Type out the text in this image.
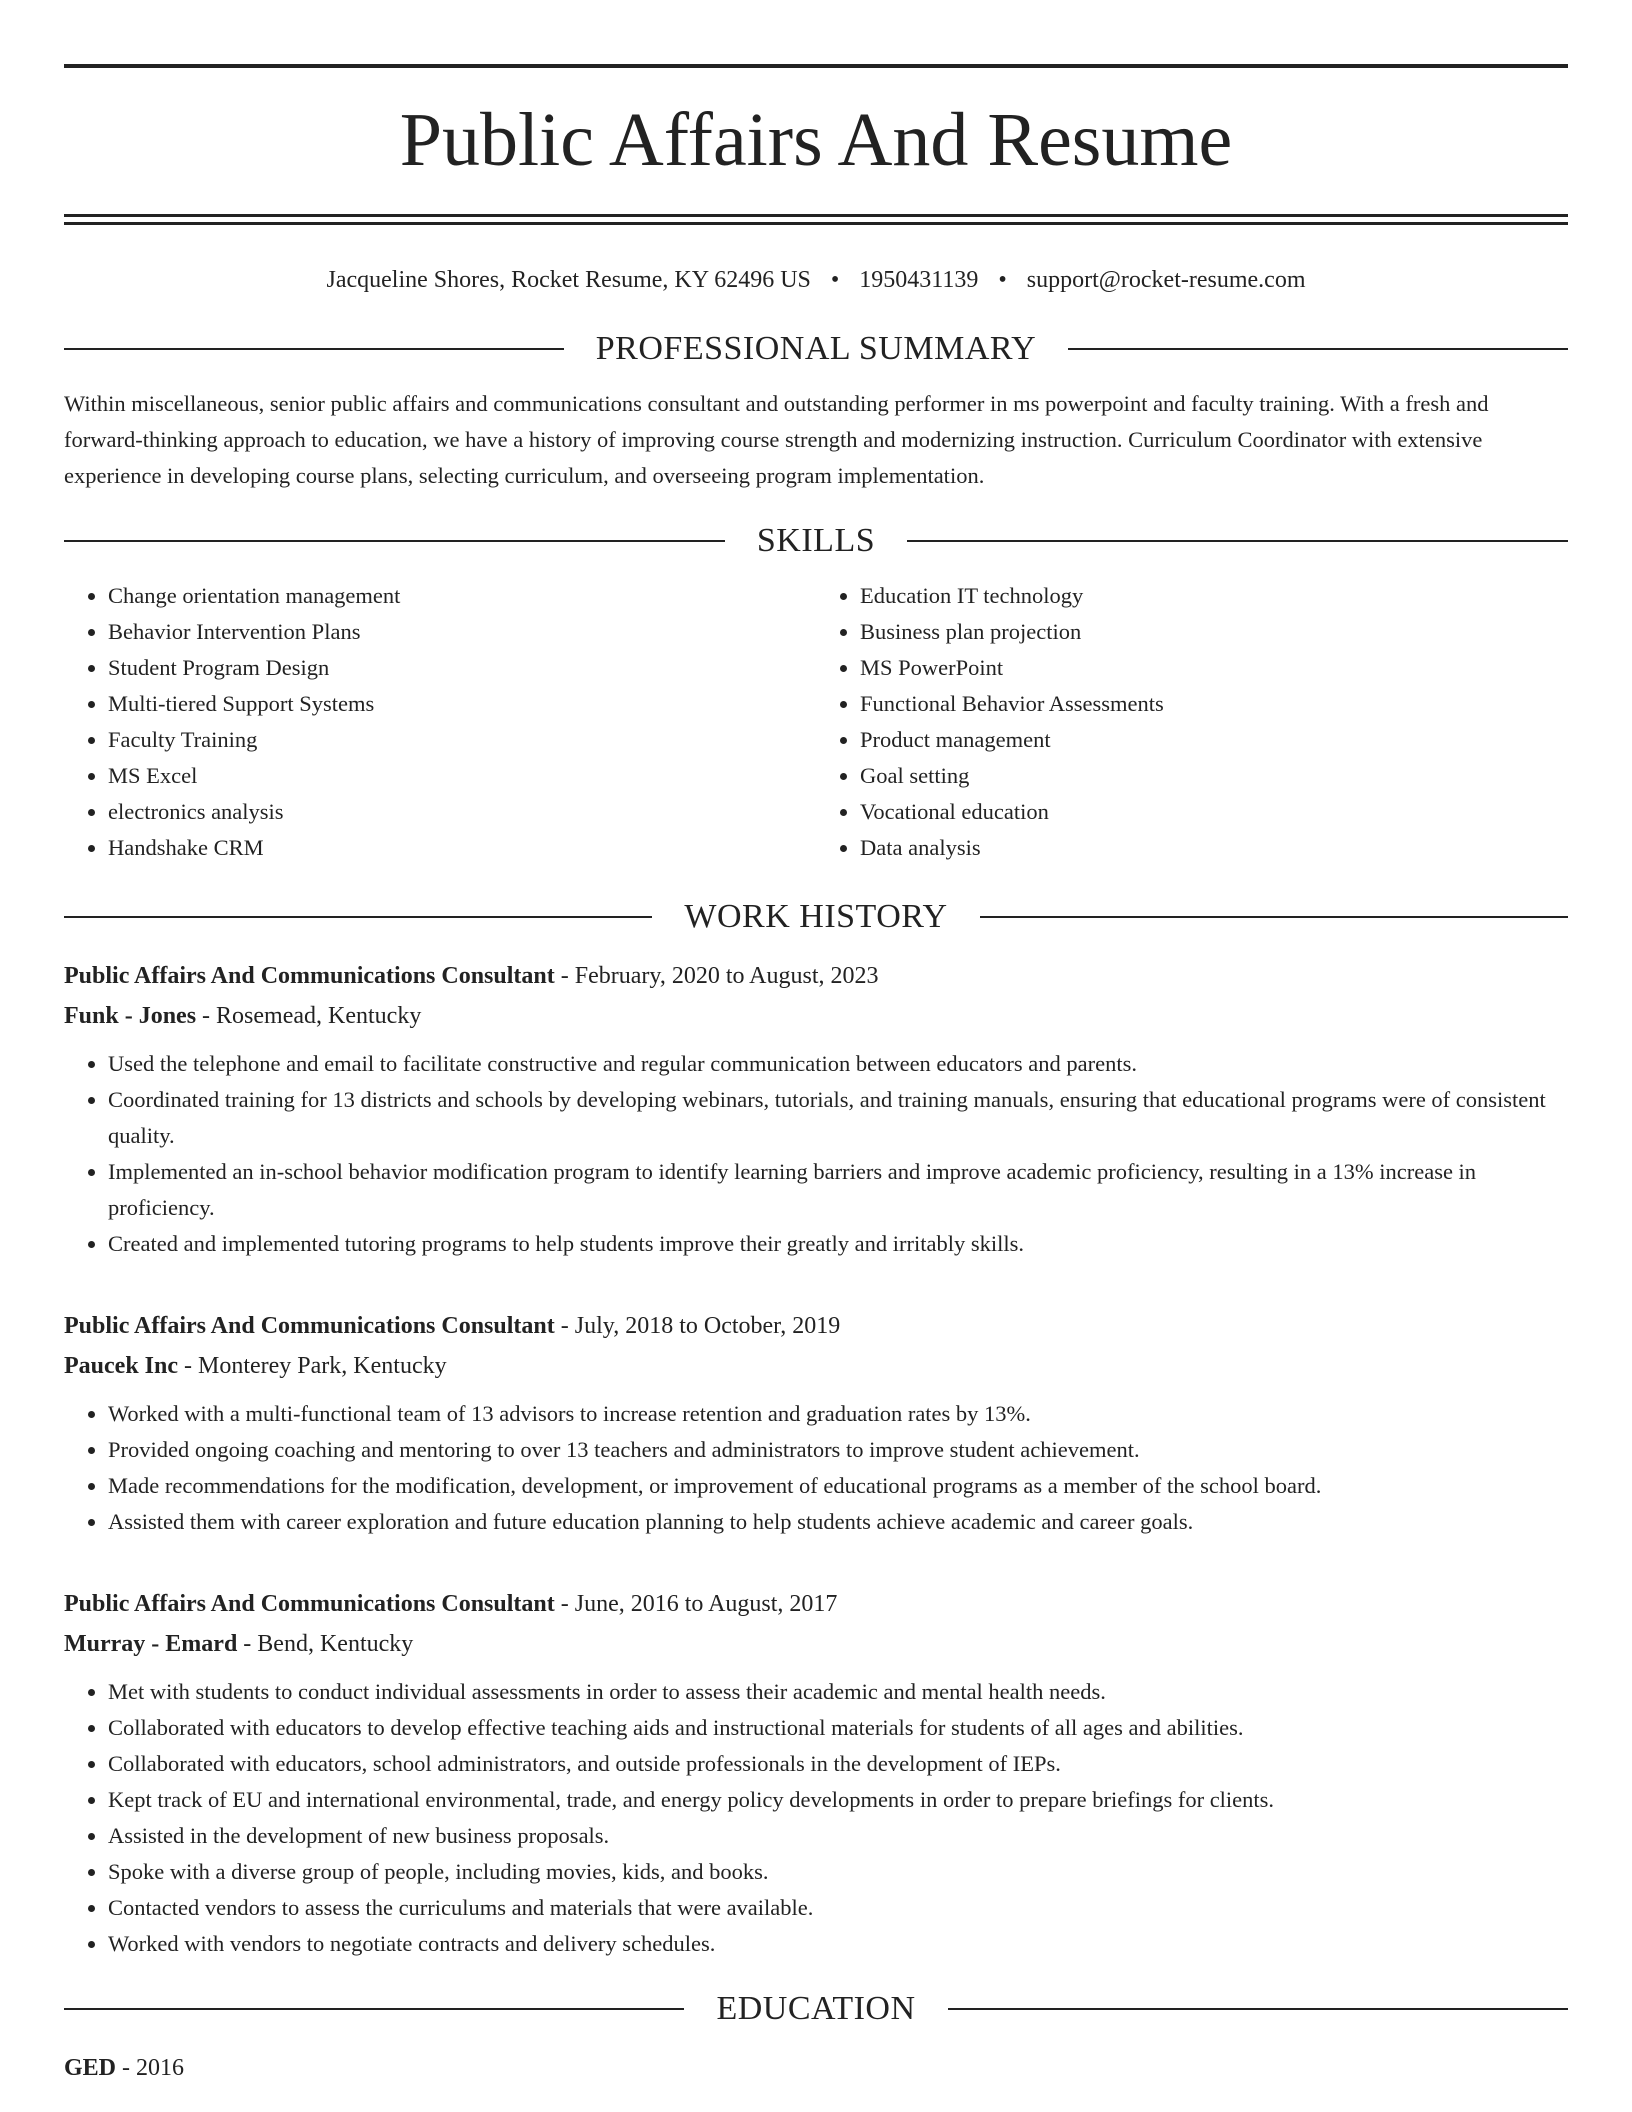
Public Affairs And Resume
Jacqueline Shores, Rocket Resume, KY 62496 US • 1950431139 • support@rocket-resume.com
PROFESSIONAL SUMMARY

Within miscellaneous, senior public affairs and communications consultant and outstanding performer in ms powerpoint and faculty training. With a fresh and forward-thinking approach to education, we have a history of improving course strength and modernizing instruction. Curriculum Coordinator with extensive experience in developing course plans, selecting curriculum, and overseeing program implementation.

SKILLS
• Change orientation management
• Behavior Intervention Plans
• Student Program Design
• Multi-tiered Support Systems
• Faculty Training
• MS Excel
• electronics analysis
• Handshake CRM
• Education IT technology
• Business plan projection
• MS PowerPoint
• Functional Behavior Assessments
• Product management
• Goal setting
• Vocational education
• Data analysis
WORK HISTORY
Public Affairs And Communications Consultant - February, 2020 to August, 2023
Funk - Jones - Rosemead, Kentucky
• Used the telephone and email to facilitate constructive and regular communication between educators and parents.
• Coordinated training for 13 districts and schools by developing webinars, tutorials, and training manuals, ensuring that educational programs were of consistent quality.
• Implemented an in-school behavior modification program to identify learning barriers and improve academic proficiency, resulting in a 13% increase in proficiency.
• Created and implemented tutoring programs to help students improve their greatly and irritably skills.
Public Affairs And Communications Consultant - July, 2018 to October, 2019
Paucek Inc - Monterey Park, Kentucky
• Worked with a multi-functional team of 13 advisors to increase retention and graduation rates by 13%.
• Provided ongoing coaching and mentoring to over 13 teachers and administrators to improve student achievement.
• Made recommendations for the modification, development, or improvement of educational programs as a member of the school board.
• Assisted them with career exploration and future education planning to help students achieve academic and career goals.
Public Affairs And Communications Consultant - June, 2016 to August, 2017
Murray - Emard - Bend, Kentucky
• Met with students to conduct individual assessments in order to assess their academic and mental health needs.
• Collaborated with educators to develop effective teaching aids and instructional materials for students of all ages and abilities.
• Collaborated with educators, school administrators, and outside professionals in the development of IEPs.
• Kept track of EU and international environmental, trade, and energy policy developments in order to prepare briefings for clients.
• Assisted in the development of new business proposals.
• Spoke with a diverse group of people, including movies, kids, and books.
• Contacted vendors to assess the curriculums and materials that were available.
• Worked with vendors to negotiate contracts and delivery schedules.
EDUCATION
GED - 2016
